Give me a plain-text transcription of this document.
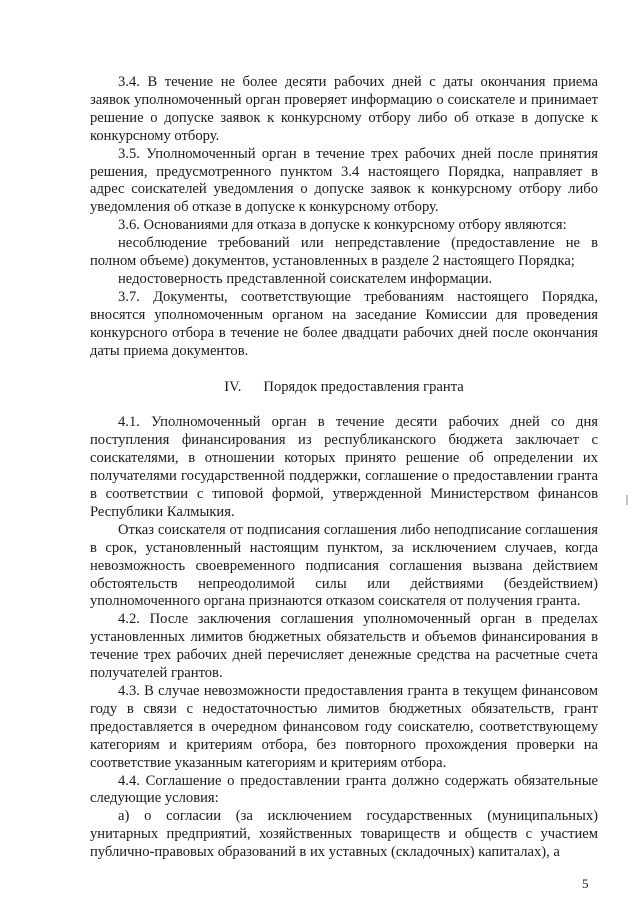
3.4. В течение не более десяти рабочих дней с даты окончания приема заявок уполномоченный орган проверяет информацию о соискателе и принимает решение о допуске заявок к конкурсному отбору либо об отказе в допуске к конкурсному отбору.

3.5. Уполномоченный орган в течение трех рабочих дней после принятия решения, предусмотренного пунктом 3.4 настоящего Порядка, направляет в адрес соискателей уведомления о допуске заявок к конкурсному отбору либо уведомления об отказе в допуске к конкурсному отбору.

3.6. Основаниями для отказа в допуске к конкурсному отбору являются:

несоблюдение требований или непредставление (предоставление не в полном объеме) документов, установленных в разделе 2 настоящего Порядка;

недостоверность представленной соискателем информации.

3.7. Документы, соответствующие требованиям настоящего Порядка, вносятся уполномоченным органом на заседание Комиссии для проведения конкурсного отбора в течение не более двадцати рабочих дней после окончания даты приема документов.

IV. Порядок предоставления гранта

4.1. Уполномоченный орган в течение десяти рабочих дней со дня поступления финансирования из республиканского бюджета заключает с соискателями, в отношении которых принято решение об определении их получателями государственной поддержки, соглашение о предоставлении гранта в соответствии с типовой формой, утвержденной Министерством финансов Республики Калмыкия.

Отказ соискателя от подписания соглашения либо неподписание соглашения в срок, установленный настоящим пунктом, за исключением случаев, когда невозможность своевременного подписания соглашения вызвана действием обстоятельств непреодолимой силы или действиями (бездействием) уполномоченного органа признаются отказом соискателя от получения гранта.

4.2. После заключения соглашения уполномоченный орган в пределах установленных лимитов бюджетных обязательств и объемов финансирования в течение трех рабочих дней перечисляет денежные средства на расчетные счета получателей грантов.

4.3. В случае невозможности предоставления гранта в текущем финансовом году в связи с недостаточностью лимитов бюджетных обязательств, грант предоставляется в очередном финансовом году соискателю, соответствующему категориям и критериям отбора, без повторного прохождения проверки на соответствие указанным категориям и критериям отбора.

4.4. Соглашение о предоставлении гранта должно содержать обязательные следующие условия:

а) о согласии (за исключением государственных (муниципальных) унитарных предприятий, хозяйственных товариществ и обществ с участием публично-правовых образований в их уставных (складочных) капиталах), а

5
